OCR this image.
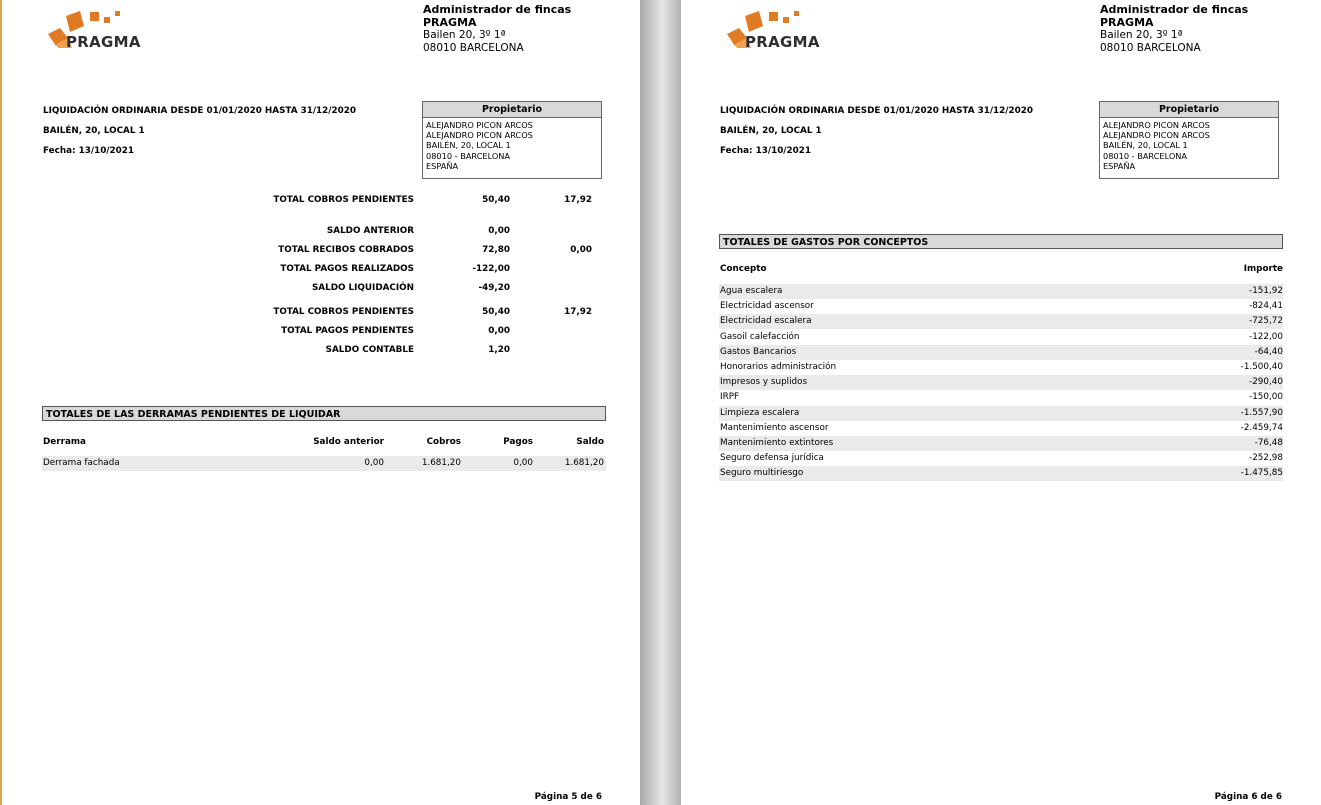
PRAGMA
Administrador de fincas
PRAGMA
Bailen 20, 3º 1ª
08010 BARCELONA
LIQUIDACIÓN ORDINARIA DESDE 01/01/2020 HASTA 31/12/2020
BAILÉN, 20, LOCAL 1
Fecha: 13/10/2021
Propietario
ALEJANDRO PICON ARCOS
ALEJANDRO PICON ARCOS
BAILÉN, 20, LOCAL 1
08010 - BARCELONA
ESPAÑA
TOTAL COBROS PENDIENTES	50,40	17,92
SALDO ANTERIOR	0,00
TOTAL RECIBOS COBRADOS	72,80	0,00
TOTAL PAGOS REALIZADOS	-122,00
SALDO LIQUIDACIÓN	-49,20
TOTAL COBROS PENDIENTES	50,40	17,92
TOTAL PAGOS PENDIENTES	0,00
SALDO CONTABLE	1,20
TOTALES DE LAS DERRAMAS PENDIENTES DE LIQUIDAR
Derrama	Saldo anterior	Cobros	Pagos	Saldo
Derrama fachada	0,00	1.681,20	0,00	1.681,20
Página 5 de 6
PRAGMA
Administrador de fincas
PRAGMA
Bailen 20, 3º 1ª
08010 BARCELONA
LIQUIDACIÓN ORDINARIA DESDE 01/01/2020 HASTA 31/12/2020
BAILÉN, 20, LOCAL 1
Fecha: 13/10/2021
Propietario
ALEJANDRO PICON ARCOS
ALEJANDRO PICON ARCOS
BAILÉN, 20, LOCAL 1
08010 - BARCELONA
ESPAÑA
TOTALES DE GASTOS POR CONCEPTOS
Concepto	Importe
Agua escalera	-151,92
Electricidad ascensor	-824,41
Electricidad escalera	-725,72
Gasoil calefacción	-122,00
Gastos Bancarios	-64,40
Honorarios administración	-1.500,40
Impresos y suplidos	-290,40
IRPF	-150,00
Limpieza escalera	-1.557,90
Mantenimiento ascensor	-2.459,74
Mantenimiento extintores	-76,48
Seguro defensa jurídica	-252,98
Seguro multiriesgo	-1.475,85
Página 6 de 6
